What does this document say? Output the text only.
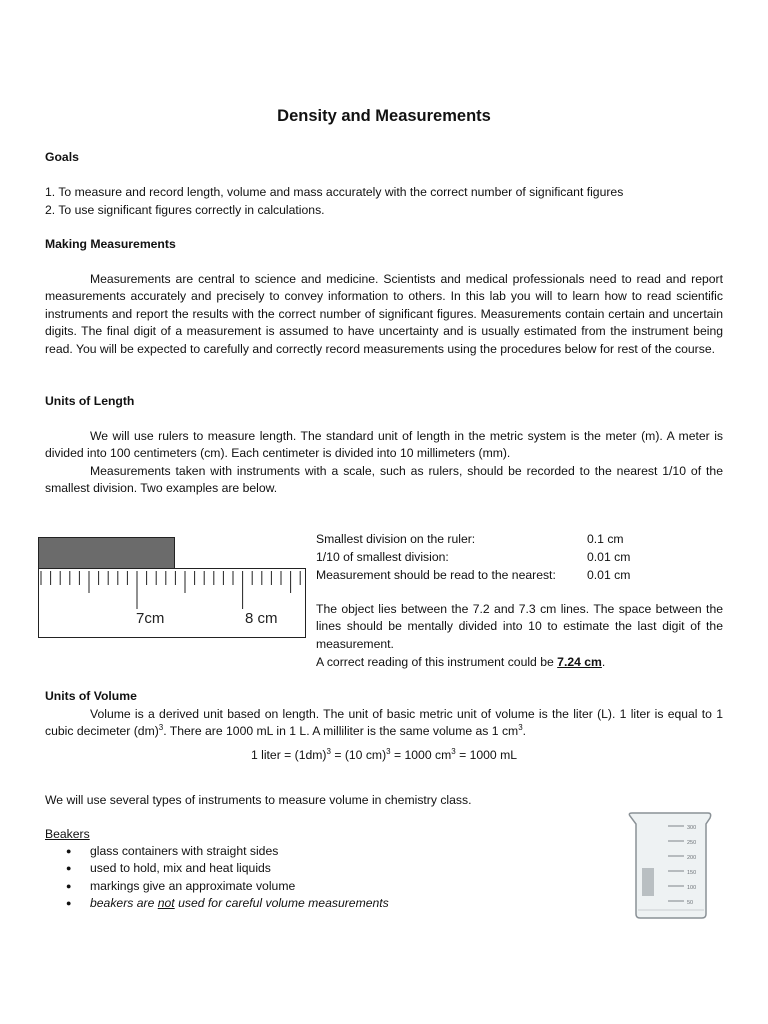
Density and Measurements
Goals
1. To measure and record length, volume and mass accurately with the correct number of significant figures
2. To use significant figures correctly in calculations.
Making Measurements
Measurements are central to science and medicine. Scientists and medical professionals need to read and report measurements accurately and precisely to convey information to others. In this lab you will to learn how to read scientific instruments and report the results with the correct number of significant figures. Measurements contain certain and uncertain digits. The final digit of a measurement is assumed to have uncertainty and is usually estimated from the instrument being read. You will be expected to carefully and correctly record measurements using the procedures below for rest of the course.
Units of Length
We will use rulers to measure length. The standard unit of length in the metric system is the meter (m). A meter is divided into 100 centimeters (cm). Each centimeter is divided into 10 millimeters (mm).
Measurements taken with instruments with a scale, such as rulers, should be recorded to the nearest 1/10 of the smallest division. Two examples are below.
7cm	8 cm
Smallest division on the ruler:	0.1 cm
1/10 of smallest division:	0.01 cm
Measurement should be read to the nearest:	0.01 cm
The object lies between the 7.2 and 7.3 cm lines. The space between the lines should be mentally divided into 10 to estimate the last digit of the measurement.
A correct reading of this instrument could be 7.24 cm.
Units of Volume
Volume is a derived unit based on length. The unit of basic metric unit of volume is the liter (L). 1 liter is equal to 1 cubic decimeter (dm)$^3$. There are 1000 mL in 1 L. A milliliter is the same volume as 1 $cm^3$.
1 liter = $(1dm)^3 = (10$ cm)$^3$ = 1000 $cm^3 = 1000$ mL
We will use several types of instruments to measure volume in chemistry class.
Beakers
● glass containers with straight sides
● used to hold, mix and heat liquids
● markings give an approximate volume
● beakers are not used for careful volume measurements
300
250
200
150
100
50
